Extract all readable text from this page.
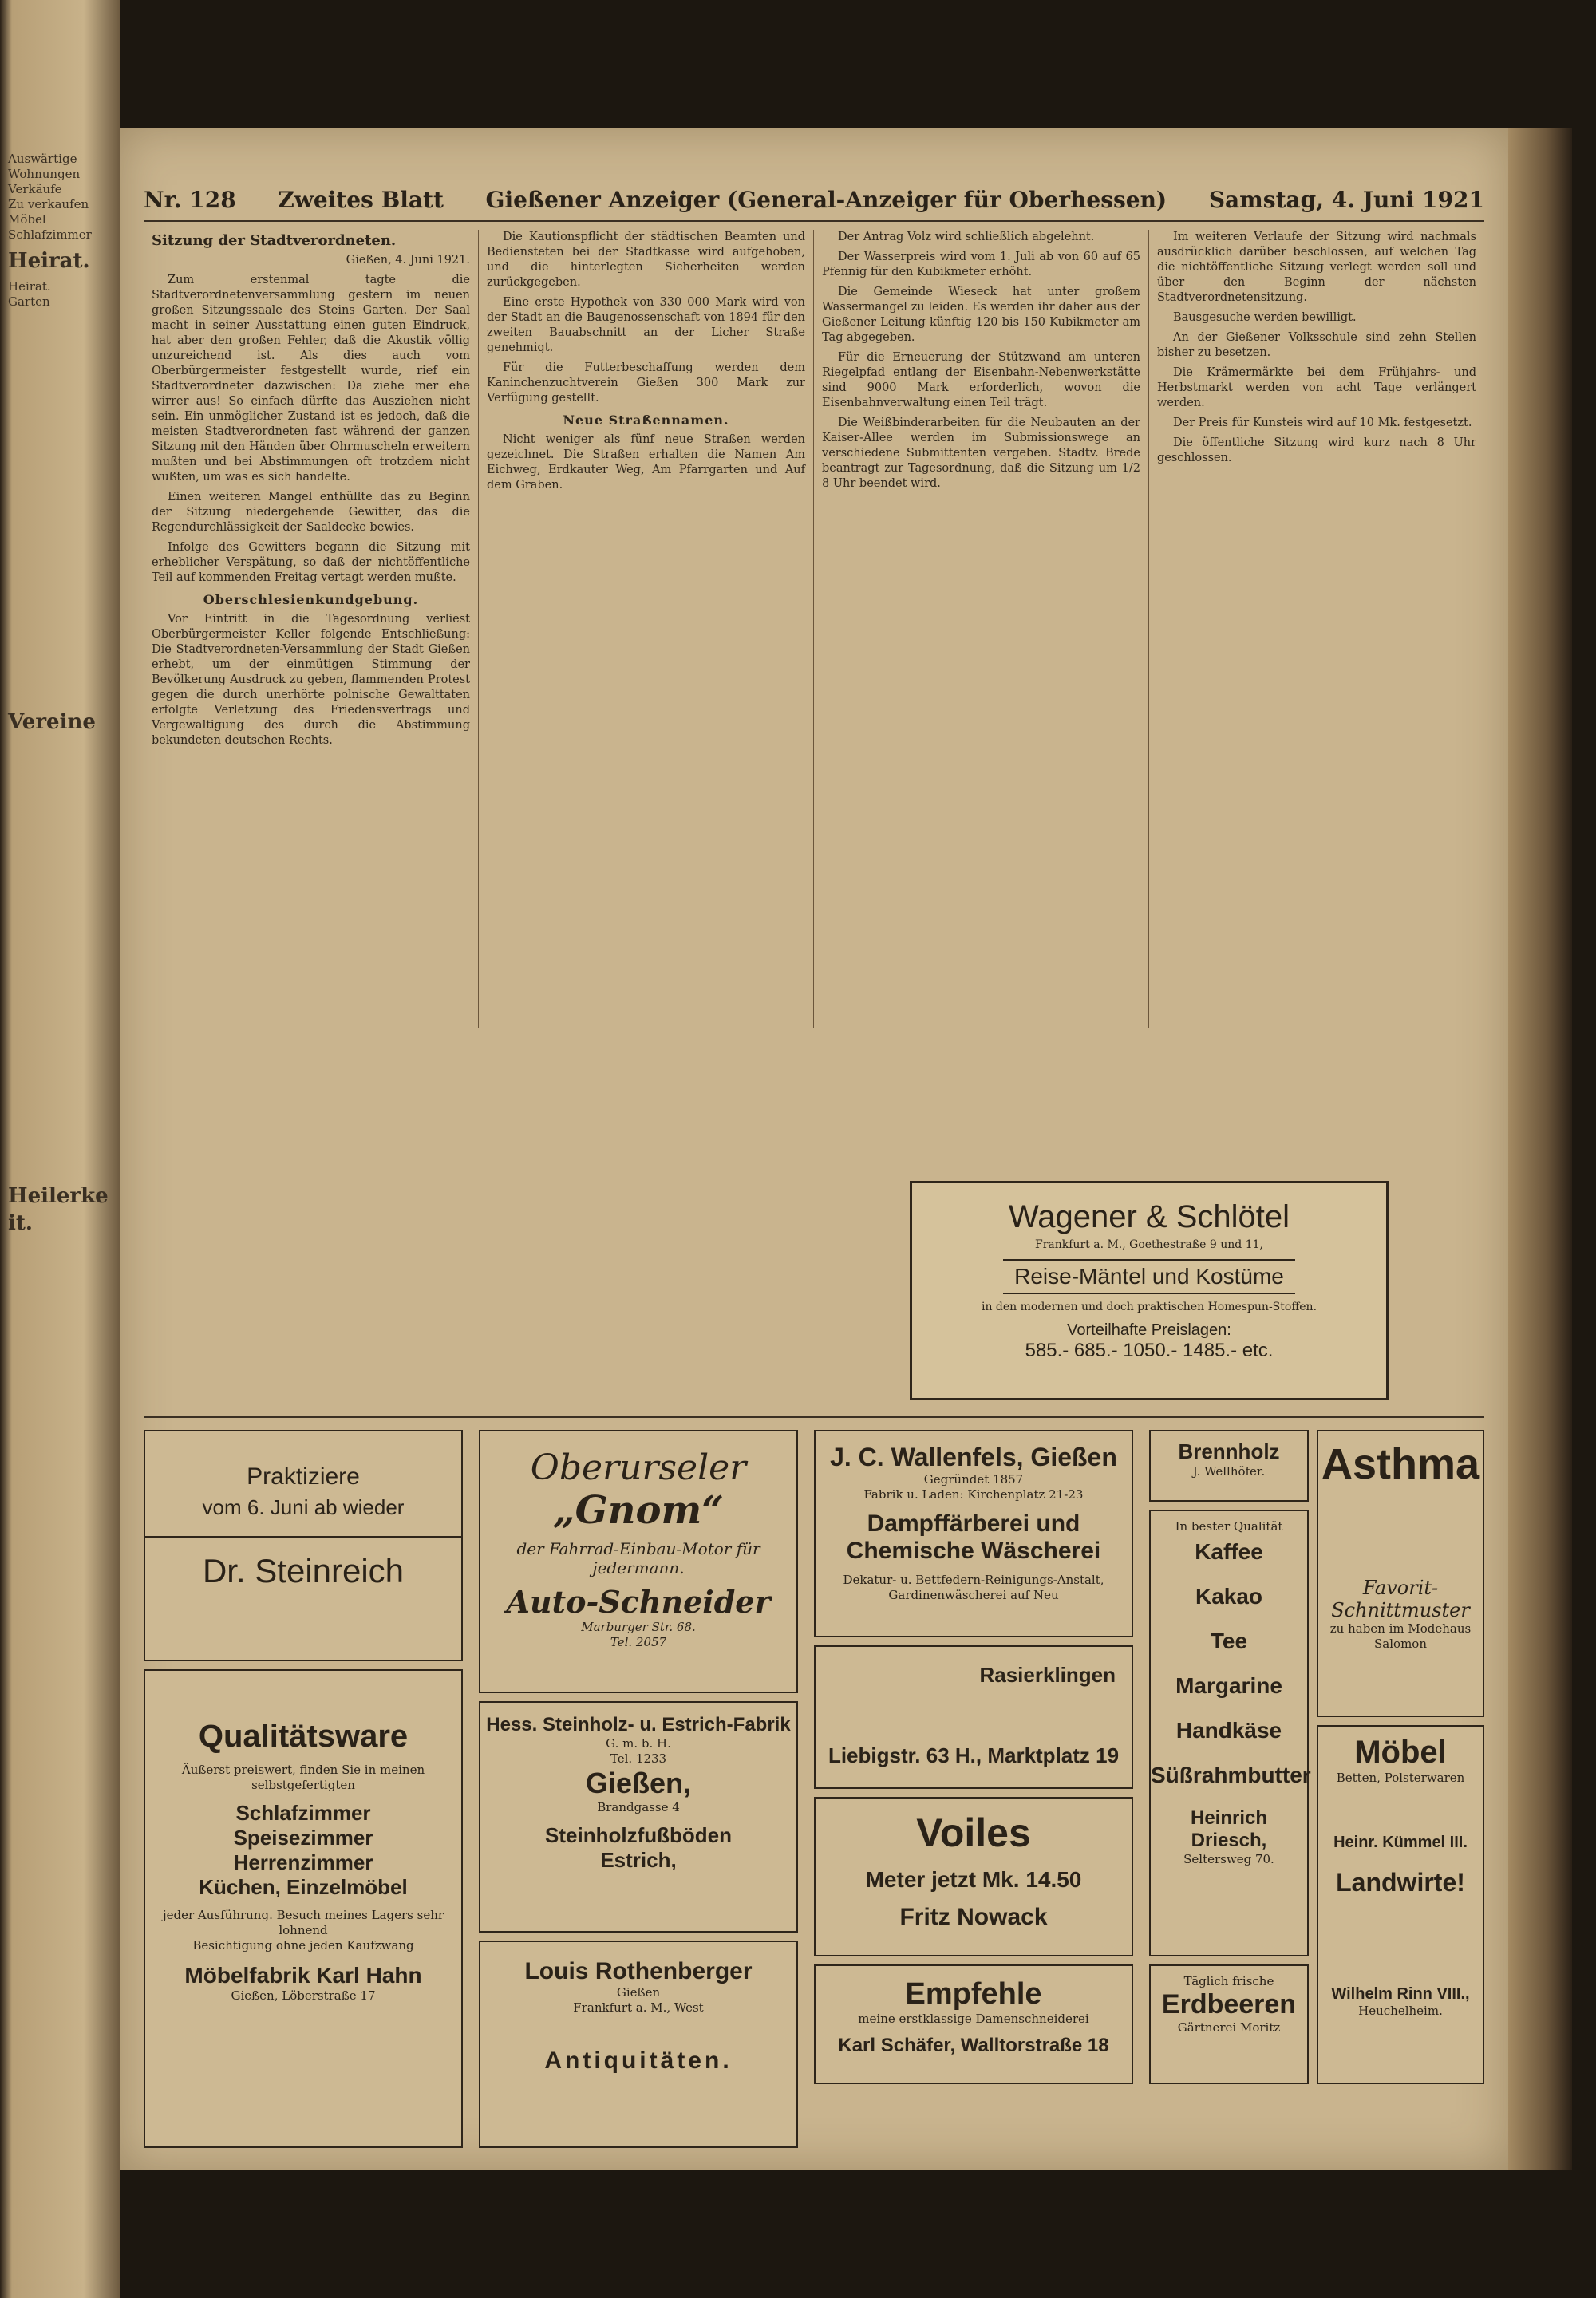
Auswärtige
Wohnungen
Verkäufe
Zu verkaufen
Möbel
Schlafzimmer
Heirat.
Heirat.
Garten
Vereine
Heilerkeit.
Nr. 128 Zweites Blatt Gießener Anzeiger (General-Anzeiger für Oberhessen) Samstag, 4. Juni 1921
Sitzung der Stadtverordneten.

Gießen, 4. Juni 1921.

Zum erstenmal tagte die Stadtverordnetenversammlung gestern im neuen großen Sitzungssaale des Steins Garten. Der Saal macht in seiner Ausstattung einen guten Eindruck, hat aber den großen Fehler, daß die Akustik völlig unzureichend ist. Als dies auch vom Oberbürgermeister festgestellt wurde, rief ein Stadtverordneter dazwischen: Da ziehe mer ehe wirrer aus! So einfach dürfte das Ausziehen nicht sein. Ein unmöglicher Zustand ist es jedoch, daß die meisten Stadtverordneten fast während der ganzen Sitzung mit den Händen über Ohrmuscheln erweitern mußten und bei Abstimmungen oft trotzdem nicht wußten, um was es sich handelte.

Einen weiteren Mangel enthüllte das zu Beginn der Sitzung niedergehende Gewitter, das die Regendurchlässigkeit der Saaldecke bewies.

Infolge des Gewitters begann die Sitzung mit erheblicher Verspätung, so daß der nichtöffentliche Teil auf kommenden Freitag vertagt werden mußte.

Oberschlesienkundgebung.

Vor Eintritt in die Tagesordnung verliest Oberbürgermeister Keller folgende Entschließung: Die Stadtverordneten-Versammlung der Stadt Gießen erhebt, um der einmütigen Stimmung der Bevölkerung Ausdruck zu geben, flammenden Protest gegen die durch unerhörte polnische Gewalttaten erfolgte Verletzung des Friedensvertrags und Vergewaltigung des durch die Abstimmung bekundeten deutschen Rechts.

Die Kautionspflicht der städtischen Beamten und Bediensteten bei der Stadtkasse wird aufgehoben, und die hinterlegten Sicherheiten werden zurückgegeben.

Eine erste Hypothek von 330 000 Mark wird von der Stadt an die Baugenossenschaft von 1894 für den zweiten Bauabschnitt an der Licher Straße genehmigt.

Für die Futterbeschaffung werden dem Kaninchenzuchtverein Gießen 300 Mark zur Verfügung gestellt.

Neue Straßennamen.

Nicht weniger als fünf neue Straßen werden gezeichnet. Die Straßen erhalten die Namen Am Eichweg, Erdkauter Weg, Am Pfarrgarten und Auf dem Graben.

Der Antrag Volz wird schließlich abgelehnt.

Der Wasserpreis wird vom 1. Juli ab von 60 auf 65 Pfennig für den Kubikmeter erhöht.

Die Gemeinde Wieseck hat unter großem Wassermangel zu leiden. Es werden ihr daher aus der Gießener Leitung künftig 120 bis 150 Kubikmeter am Tag abgegeben.

Für die Erneuerung der Stützwand am unteren Riegelpfad entlang der Eisenbahn-Nebenwerkstätte sind 9000 Mark erforderlich, wovon die Eisenbahnverwaltung einen Teil trägt.

Die Weißbinderarbeiten für die Neubauten an der Kaiser-Allee werden im Submissionswege an verschiedene Submittenten vergeben. Stadtv. Brede beantragt zur Tagesordnung, daß die Sitzung um 1/2 8 Uhr beendet wird.

Im weiteren Verlaufe der Sitzung wird nachmals ausdrücklich darüber beschlossen, auf welchen Tag die nichtöffentliche Sitzung verlegt werden soll und über den Beginn der nächsten Stadtverordnetensitzung.

Bausgesuche werden bewilligt.

An der Gießener Volksschule sind zehn Stellen bisher zu besetzen.

Die Krämermärkte bei dem Frühjahrs- und Herbstmarkt werden von acht Tage verlängert werden.

Der Preis für Kunsteis wird auf 10 Mk. festgesetzt.

Die öffentliche Sitzung wird kurz nach 8 Uhr geschlossen.

Wagener & Schlötel
Frankfurt a. M., Goethestraße 9 und 11,
Reise-Mäntel und Kostüme
in den modernen und doch praktischen Homespun-Stoffen.
Vorteilhafte Preislagen:
585.- 685.- 1050.- 1485.- etc.
Praktiziere
vom 6. Juni ab wieder
Dr. Steinreich
Qualitätsware
Äußerst preiswert, finden Sie in meinen selbstgefertigten
Schlafzimmer
Speisezimmer
Herrenzimmer
Küchen, Einzelmöbel
jeder Ausführung. Besuch meines Lagers sehr lohnend
Besichtigung ohne jeden Kaufzwang
Möbelfabrik Karl Hahn
Gießen, Löberstraße 17
Oberurseler
„Gnom“
der Fahrrad-Einbau-Motor für jedermann.
Auto-Schneider
Marburger Str. 68.
Tel. 2057
Hess. Steinholz- u. Estrich-Fabrik
G. m. b. H.
Tel. 1233
Gießen,
Brandgasse 4
Steinholzfußböden
Estrich,
Louis Rothenberger
Gießen
Frankfurt a. M., West
Antiquitäten.
J. C. Wallenfels, Gießen
Gegründet 1857
Fabrik u. Laden: Kirchenplatz 21-23
Dampffärberei und Chemische Wäscherei
Dekatur- u. Bettfedern-Reinigungs-Anstalt, Gardinenwäscherei auf Neu
Rasierklingen
Liebigstr. 63 H., Marktplatz 19
Voiles
Meter jetzt Mk. 14.50
Fritz Nowack
Empfehle
meine erstklassige Damenschneiderei
Karl Schäfer, Walltorstraße 18
Brennholz
J. Wellhöfer.
In bester Qualität
Kaffee
Kakao
Tee
Margarine
Handkäse
Süßrahmbutter
Heinrich Driesch,
Seltersweg 70.
Täglich frische
Erdbeeren
Gärtnerei Moritz
Asthma
Favorit-Schnittmuster
zu haben im Modehaus Salomon
Möbel
Betten, Polsterwaren
Heinr. Kümmel III.
Landwirte!
Wilhelm Rinn VIII.,
Heuchelheim.
